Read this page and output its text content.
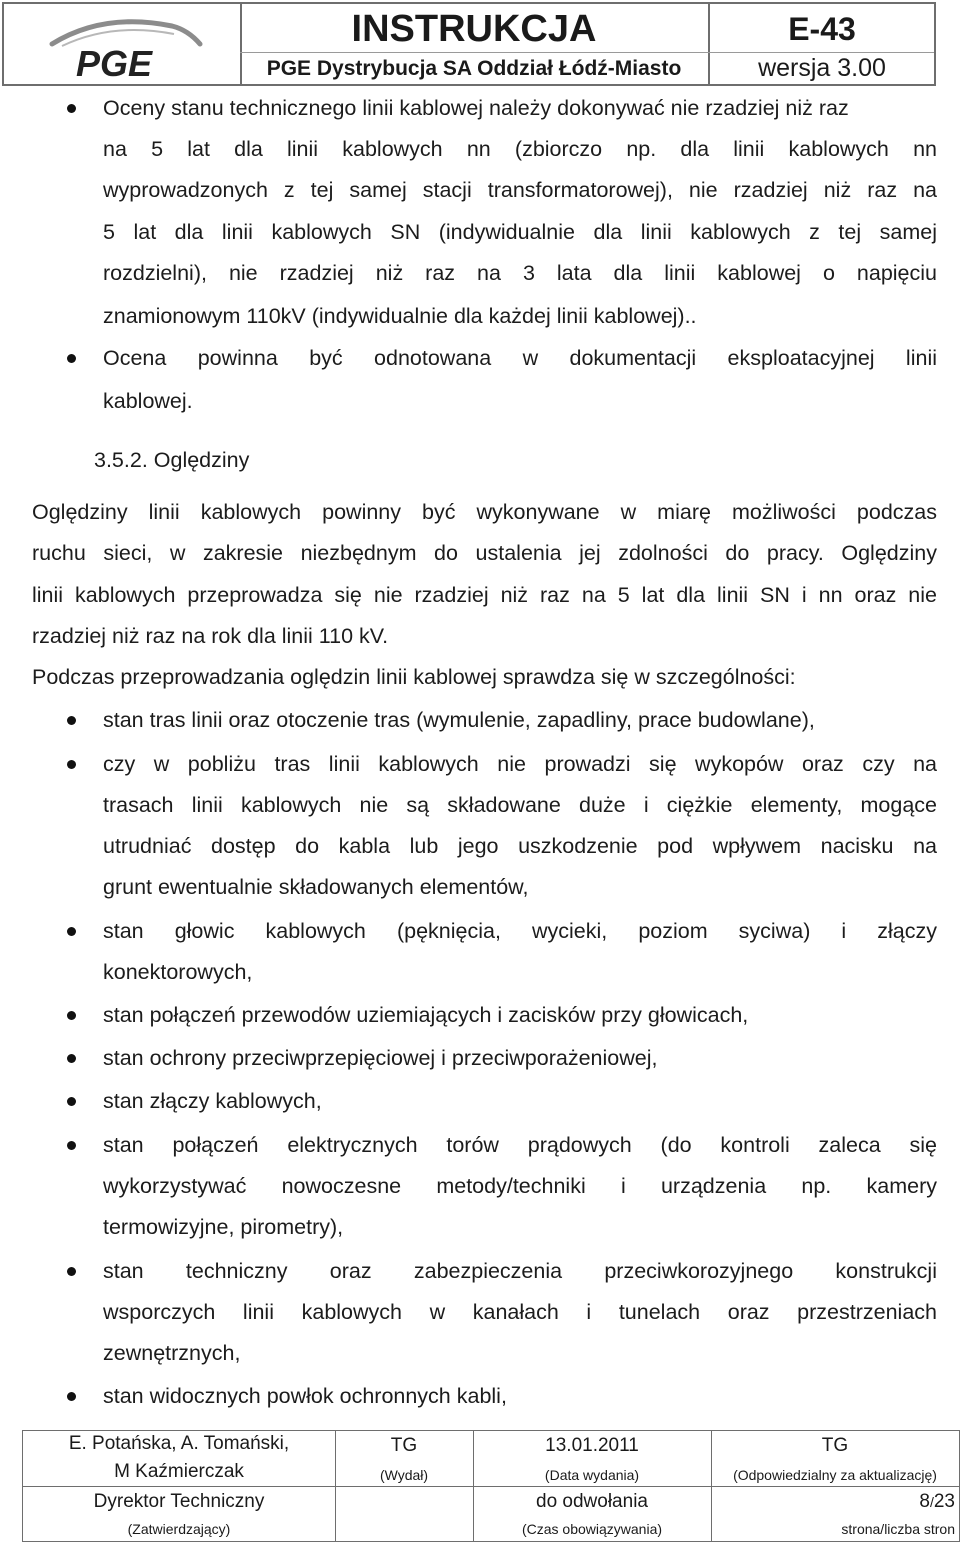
PGE
INSTRUKCJA
PGE Dystrybucja SA Oddział Łódź-Miasto
E-43
wersja 3.00
Oceny stanu technicznego linii kablowej należy dokonywać nie rzadziej niż raz
na 5 lat dla linii kablowych nn (zbiorczo np. dla linii kablowych nn
wyprowadzonych z tej samej stacji transformatorowej), nie rzadziej niż raz na
5 lat dla linii kablowych SN (indywidualnie dla linii kablowych z tej samej
rozdzielni), nie rzadziej niż raz na 3 lata dla linii kablowej o napięciu
znamionowym 110kV (indywidualnie dla każdej linii kablowej)..
Ocena powinna być odnotowana w dokumentacji eksploatacyjnej linii
kablowej.
3.5.2. Oględziny
Oględziny linii kablowych powinny być wykonywane w miarę możliwości podczas
ruchu sieci, w zakresie niezbędnym do ustalenia jej zdolności do pracy. Oględziny
linii kablowych przeprowadza się nie rzadziej niż raz na 5 lat dla linii SN i nn oraz nie
rzadziej niż raz na rok dla linii 110 kV.
Podczas przeprowadzania oględzin linii kablowej sprawdza się w szczególności:
stan tras linii oraz otoczenie tras (wymulenie, zapadliny, prace budowlane),
czy w pobliżu tras linii kablowych nie prowadzi się wykopów oraz czy na
trasach linii kablowych nie są składowane duże i ciężkie elementy, mogące
utrudniać dostęp do kabla lub jego uszkodzenie pod wpływem nacisku na
grunt ewentualnie składowanych elementów,
stan głowic kablowych (pęknięcia, wycieki, poziom syciwa) i złączy
konektorowych,
stan połączeń przewodów uziemiających i zacisków przy głowicach,
stan ochrony przeciwprzepięciowej i przeciwporażeniowej,
stan złączy kablowych,
stan połączeń elektrycznych torów prądowych (do kontroli zaleca się
wykorzystywać nowoczesne metody/techniki i urządzenia np. kamery
termowizyjne, pirometry),
stan techniczny oraz zabezpieczenia przeciwkorozyjnego konstrukcji
wsporczych linii kablowych w kanałach i tunelach oraz przestrzeniach
zewnętrznych,
stan widocznych powłok ochronnych kabli,
E. Potańska, A. Tomański,
M Kaźmierczak
TG
(Wydał)
13.01.2011
(Data wydania)
TG
(Odpowiedzialny za aktualizację)
Dyrektor Techniczny
(Zatwierdzający)
do odwołania
(Czas obowiązywania)
8/23
strona/liczba stron
